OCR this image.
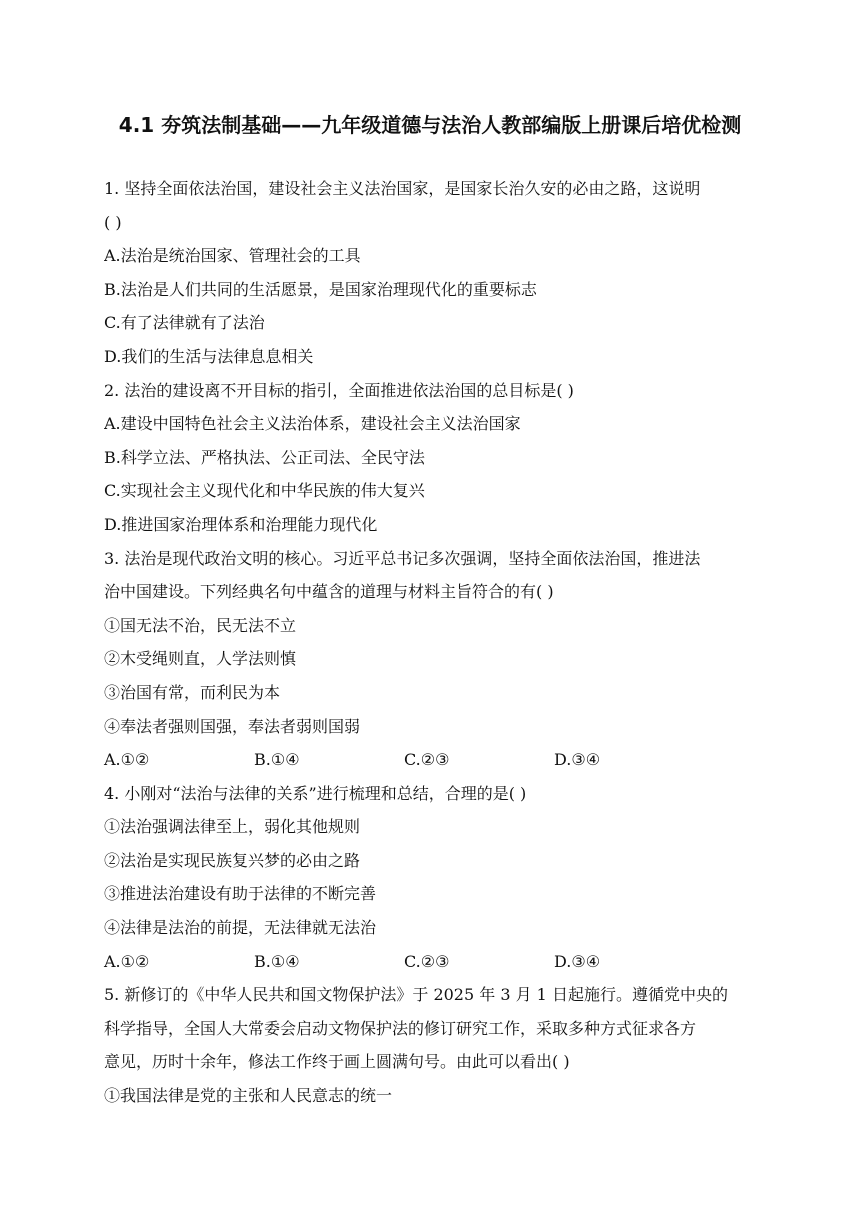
4.1 夯筑法制基础——九年级道德与法治人教部编版上册课后培优检测
1. 坚持全面依法治国，建设社会主义法治国家，是国家长治久安的必由之路，这说明
( )
A.法治是统治国家、管理社会的工具
B.法治是人们共同的生活愿景，是国家治理现代化的重要标志
C.有了法律就有了法治
D.我们的生活与法律息息相关
2. 法治的建设离不开目标的指引，全面推进依法治国的总目标是( )
A.建设中国特色社会主义法治体系，建设社会主义法治国家
B.科学立法、严格执法、公正司法、全民守法
C.实现社会主义现代化和中华民族的伟大复兴
D.推进国家治理体系和治理能力现代化
3. 法治是现代政治文明的核心。习近平总书记多次强调，坚持全面依法治国，推进法
治中国建设。下列经典名句中蕴含的道理与材料主旨符合的有( )
①国无法不治，民无法不立
②木受绳则直，人学法则慎
③治国有常，而利民为本
④奉法者强则国强，奉法者弱则国弱
A.①②	B.①④	C.②③	D.③④
4. 小刚对“法治与法律的关系”进行梳理和总结，合理的是( )
①法治强调法律至上，弱化其他规则
②法治是实现民族复兴梦的必由之路
③推进法治建设有助于法律的不断完善
④法律是法治的前提，无法律就无法治
A.①②	B.①④	C.②③	D.③④
5. 新修订的《中华人民共和国文物保护法》于 2025 年 3 月 1 日起施行。遵循党中央的
科学指导，全国人大常委会启动文物保护法的修订研究工作，采取多种方式征求各方
意见，历时十余年，修法工作终于画上圆满句号。由此可以看出( )
①我国法律是党的主张和人民意志的统一
